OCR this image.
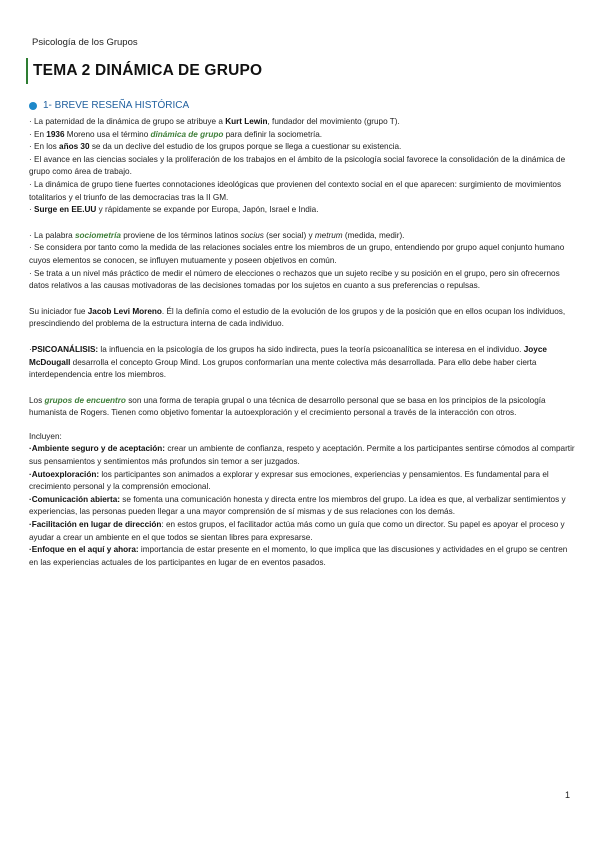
Psicología de los Grupos
TEMA 2 DINÁMICA DE GRUPO
1- BREVE RESEÑA HISTÓRICA

· La paternidad de la dinámica de grupo se atribuye a Kurt Lewin, fundador del movimiento (grupo T).

· En 1936 Moreno usa el término dinámica de grupo para definir la sociometría.

· En los años 30 se da un declive del estudio de los grupos porque se llega a cuestionar su existencia.

· El avance en las ciencias sociales y la proliferación de los trabajos en el ámbito de la psicología social favorece la consolidación de la dinámica de grupo como área de trabajo.

· La dinámica de grupo tiene fuertes connotaciones ideológicas que provienen del contexto social en el que aparecen: surgimiento de movimientos totalitarios y el triunfo de las democracias tras la II GM.

· Surge en EE.UU y rápidamente se expande por Europa, Japón, Israel e India.

· La palabra sociometría proviene de los términos latinos socius (ser social) y metrum (medida, medir).

· Se considera por tanto como la medida de las relaciones sociales entre los miembros de un grupo, entendiendo por grupo aquel conjunto humano cuyos elementos se conocen, se influyen mutuamente y poseen objetivos en común.

· Se trata a un nivel más práctico de medir el número de elecciones o rechazos que un sujeto recibe y su posición en el grupo, pero sin ofrecernos datos relativos a las causas motivadoras de las decisiones tomadas por los sujetos en cuanto a sus preferencias o repulsas.

Su iniciador fue Jacob Levi Moreno. Él la definía como el estudio de la evolución de los grupos y de la posición que en ellos ocupan los individuos, prescindiendo del problema de la estructura interna de cada individuo.

·PSICOANÁLISIS: la influencia en la psicología de los grupos ha sido indirecta, pues la teoría psicoanalítica se interesa en el individuo. Joyce McDougall desarrolla el concepto Group Mind. Los grupos conformarían una mente colectiva más desarrollada. Para ello debe haber cierta interdependencia entre los miembros.

Los grupos de encuentro son una forma de terapia grupal o una técnica de desarrollo personal que se basa en los principios de la psicología humanista de Rogers. Tienen como objetivo fomentar la autoexploración y el crecimiento personal a través de la interacción con otros.

Incluyen:

·Ambiente seguro y de aceptación: crear un ambiente de confianza, respeto y aceptación. Permite a los participantes sentirse cómodos al compartir sus pensamientos y sentimientos más profundos sin temor a ser juzgados.

·Autoexploración: los participantes son animados a explorar y expresar sus emociones, experiencias y pensamientos. Es fundamental para el crecimiento personal y la comprensión emocional.

·Comunicación abierta: se fomenta una comunicación honesta y directa entre los miembros del grupo. La idea es que, al verbalizar sentimientos y experiencias, las personas pueden llegar a una mayor comprensión de sí mismas y de sus relaciones con los demás.

·Facilitación en lugar de dirección: en estos grupos, el facilitador actúa más como un guía que como un director. Su papel es apoyar el proceso y ayudar a crear un ambiente en el que todos se sientan libres para expresarse.

·Enfoque en el aquí y ahora: importancia de estar presente en el momento, lo que implica que las discusiones y actividades en el grupo se centren en las experiencias actuales de los participantes en lugar de en eventos pasados.

1
